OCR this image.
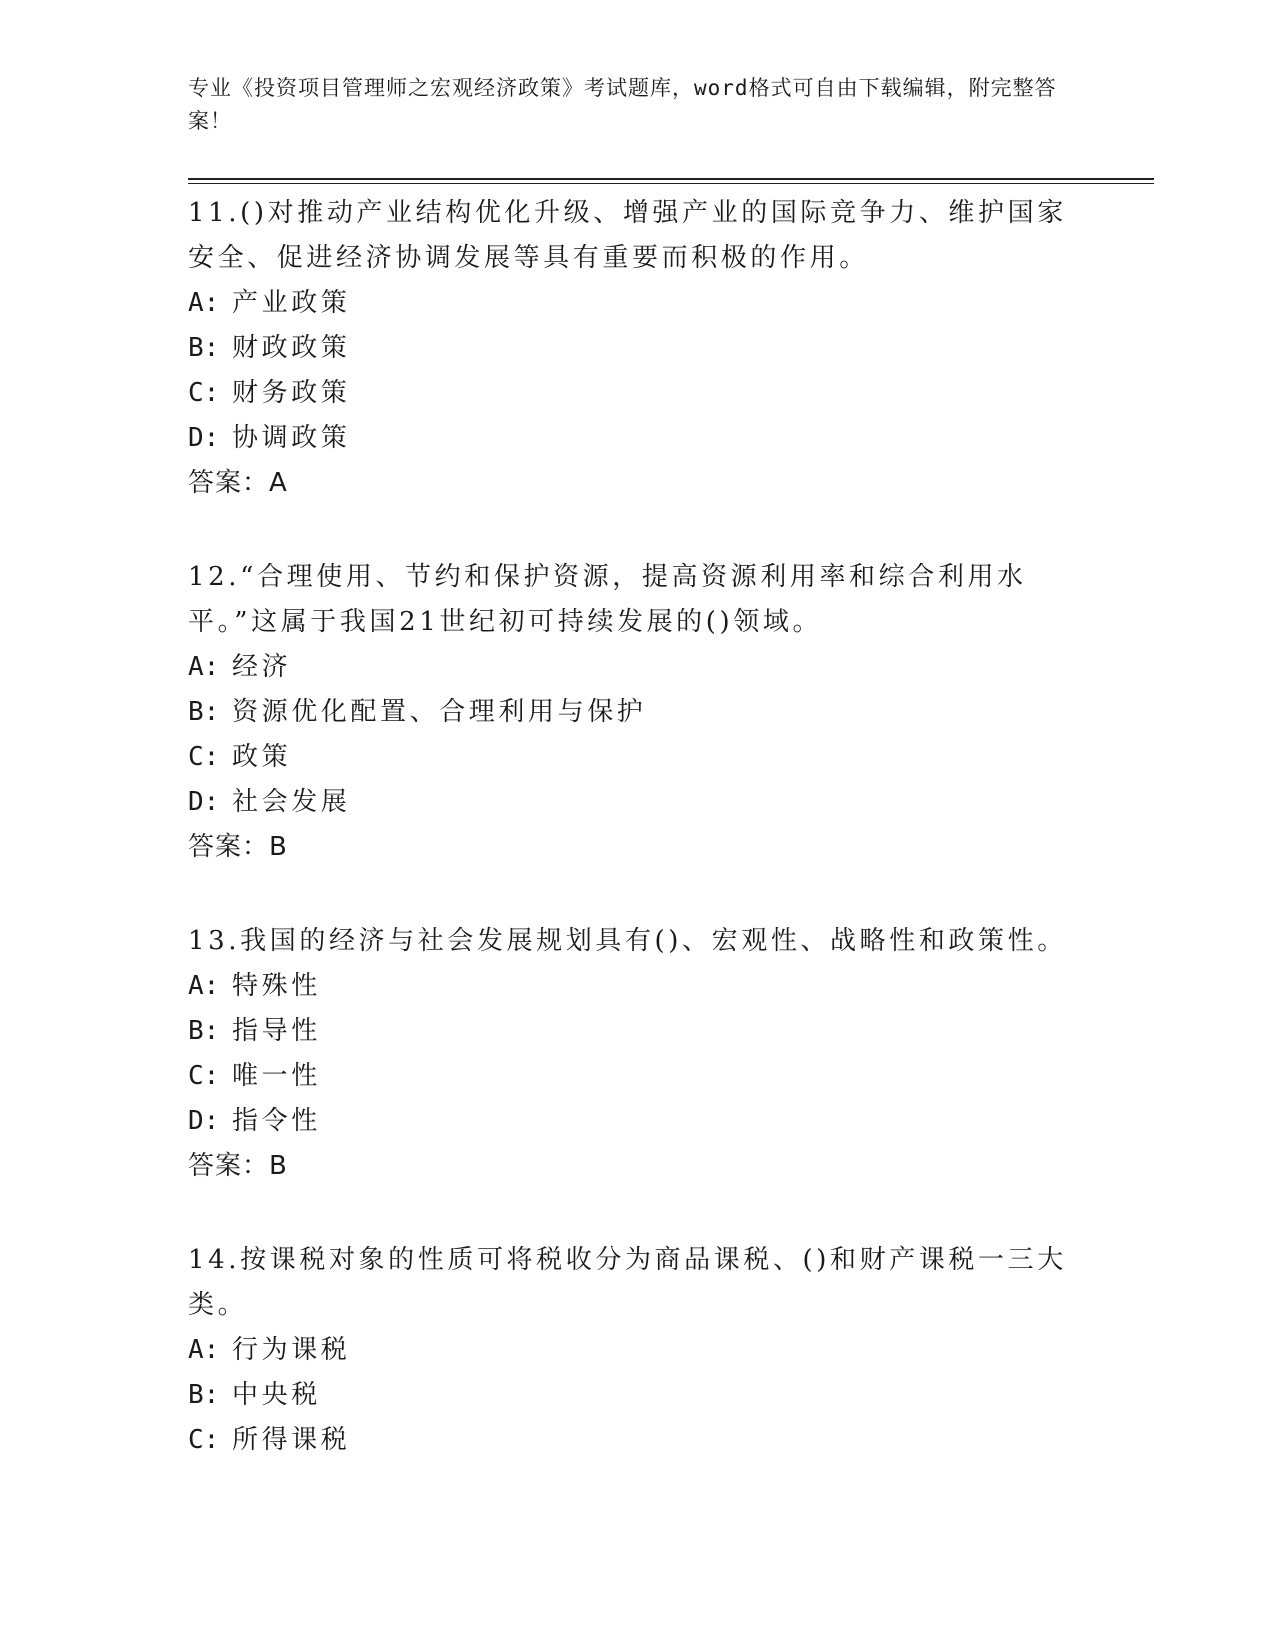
专业《投资项目管理师之宏观经济政策》考试题库，word格式可自由下载编辑，附完整答案！

11.()对推动产业结构优化升级、增强产业的国际竞争力、维护国家安全、促进经济协调发展等具有重要而积极的作用。

A: 产业政策

B: 财政政策

C: 财务政策

D: 协调政策

答案：A

12.“合理使用、节约和保护资源，提高资源利用率和综合利用水平。”这属于我国21世纪初可持续发展的()领域。

A: 经济

B: 资源优化配置、合理利用与保护

C: 政策

D: 社会发展

答案：B

13.我国的经济与社会发展规划具有()、宏观性、战略性和政策性。

A: 特殊性

B: 指导性

C: 唯一性

D: 指令性

答案：B

14.按课税对象的性质可将税收分为商品课税、()和财产课税一三大类。

A: 行为课税

B: 中央税

C: 所得课税
